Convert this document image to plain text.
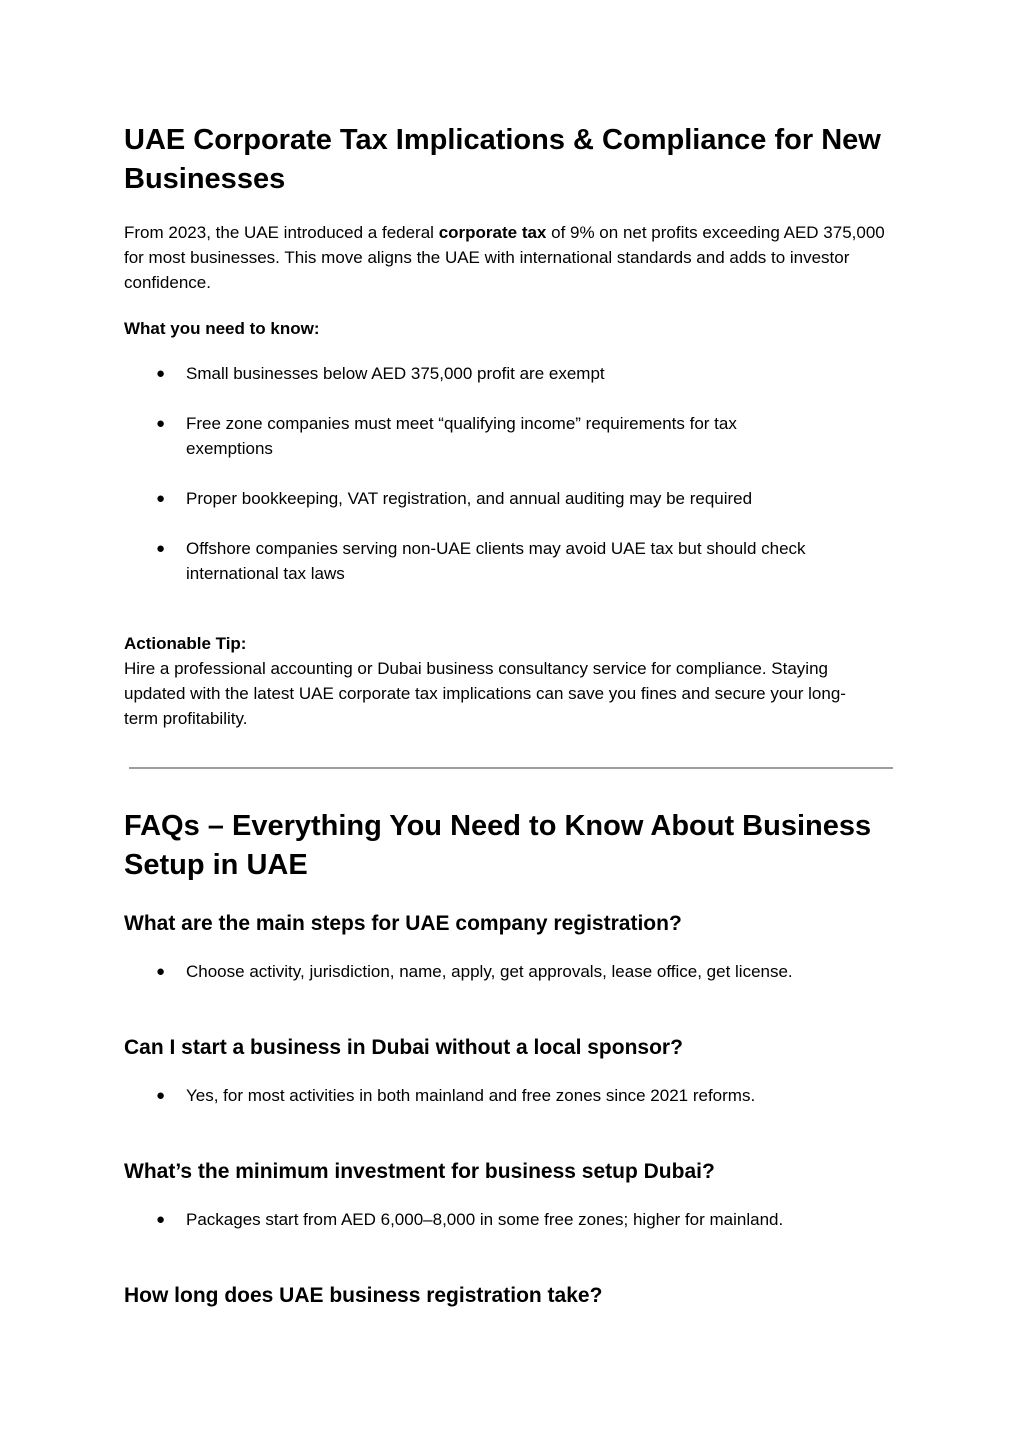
UAE Corporate Tax Implications & Compliance for New Businesses

From 2023, the UAE introduced a federal corporate tax of 9% on net profits exceeding AED 375,000 for most businesses. This move aligns the UAE with international standards and adds to investor confidence.

What you need to know:
● Small businesses below AED 375,000 profit are exempt
● Free zone companies must meet “qualifying income” requirements for tax exemptions
● Proper bookkeeping, VAT registration, and annual auditing may be required
● Offshore companies serving non-UAE clients may avoid UAE tax but should check international tax laws
Actionable Tip:

Hire a professional accounting or Dubai business consultancy service for compliance. Staying updated with the latest UAE corporate tax implications can save you fines and secure your long-term profitability.

FAQs – Everything You Need to Know About Business Setup in UAE
What are the main steps for UAE company registration?
● Choose activity, jurisdiction, name, apply, get approvals, lease office, get license.
Can I start a business in Dubai without a local sponsor?
● Yes, for most activities in both mainland and free zones since 2021 reforms.
What’s the minimum investment for business setup Dubai?
● Packages start from AED 6,000–8,000 in some free zones; higher for mainland.
How long does UAE business registration take?
